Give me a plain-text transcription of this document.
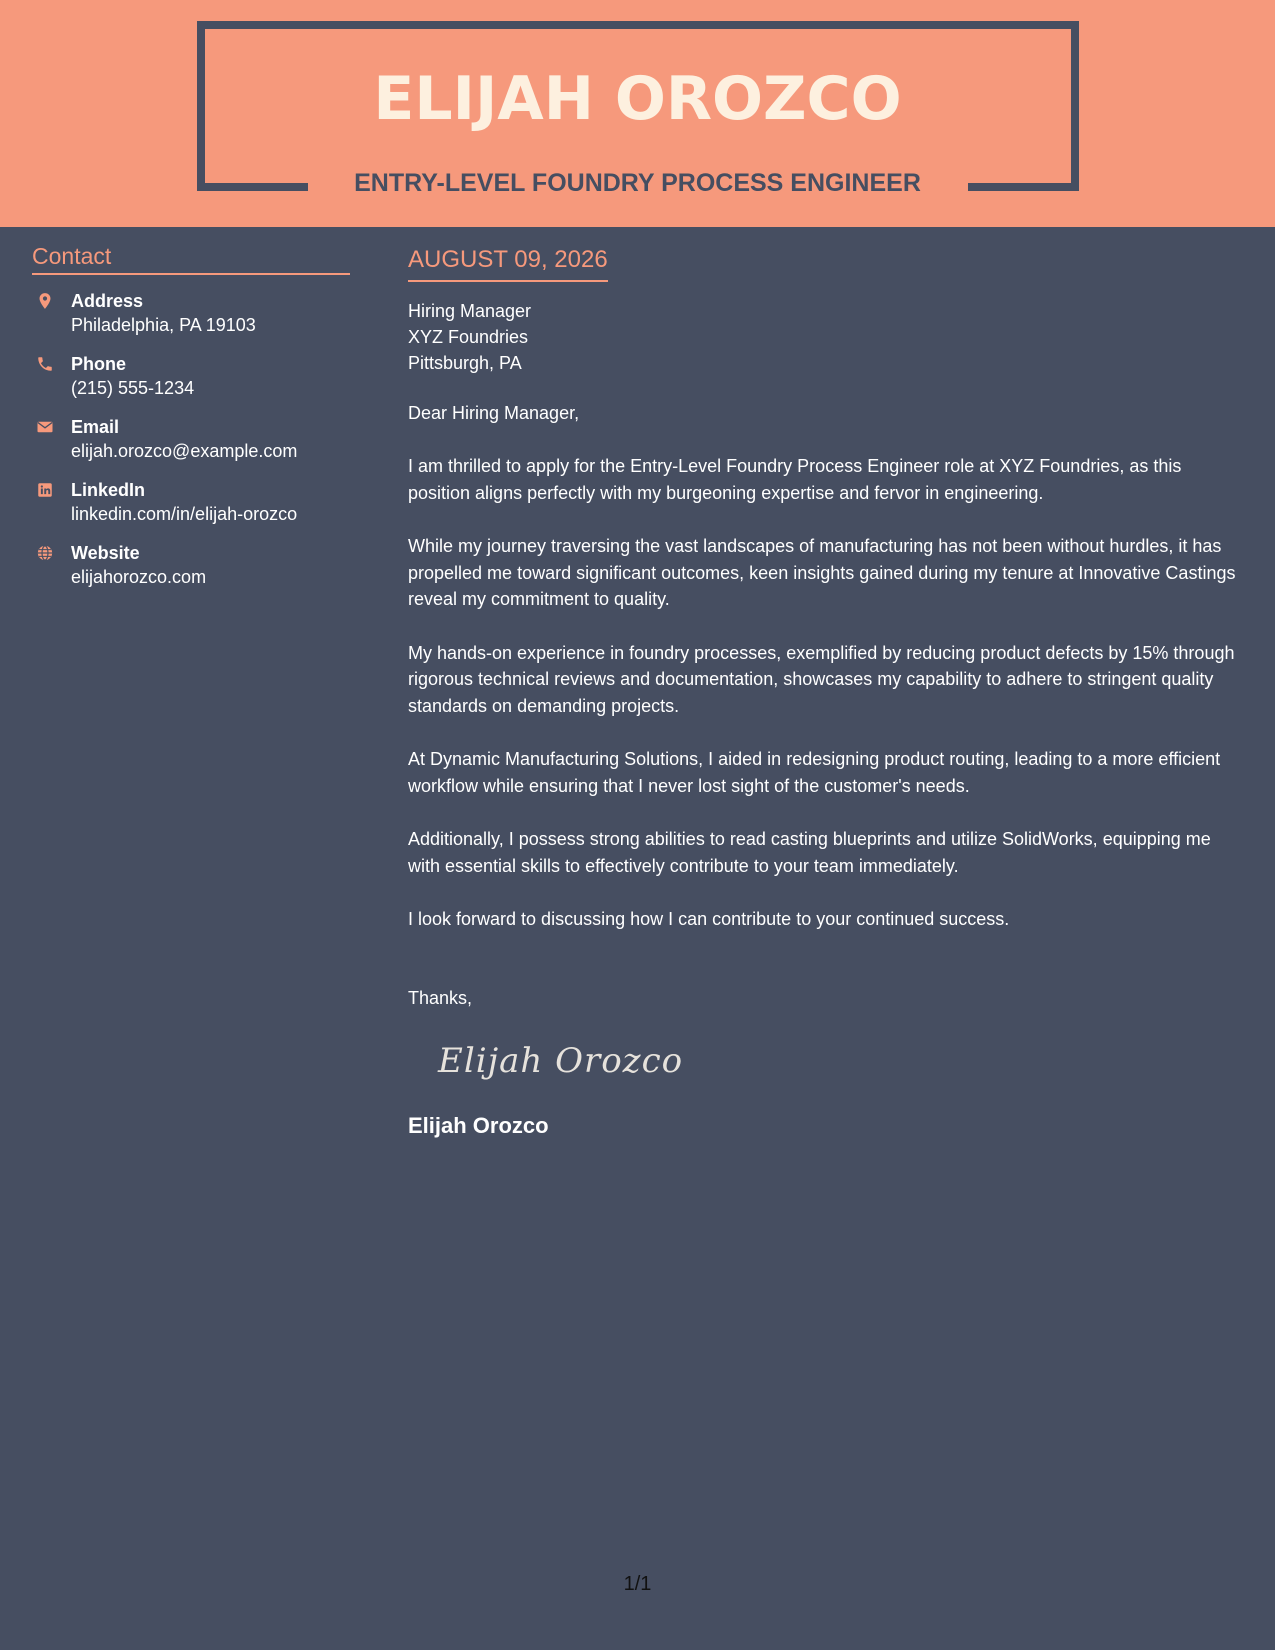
ELIJAH OROZCO
ENTRY-LEVEL FOUNDRY PROCESS ENGINEER
Contact
Address
Philadelphia, PA 19103
Phone
(215) 555-1234
Email
elijah.orozco@example.com
LinkedIn
linkedin.com/in/elijah-orozco
Website
elijahorozco.com
AUGUST 09, 2026
Hiring Manager
XYZ Foundries
Pittsburgh, PA
Dear Hiring Manager,
I am thrilled to apply for the Entry-Level Foundry Process Engineer role at XYZ Foundries, as this position aligns perfectly with my burgeoning expertise and fervor in engineering.
While my journey traversing the vast landscapes of manufacturing has not been without hurdles, it has propelled me toward significant outcomes, keen insights gained during my tenure at Innovative Castings reveal my commitment to quality.
My hands-on experience in foundry processes, exemplified by reducing product defects by 15% through rigorous technical reviews and documentation, showcases my capability to adhere to stringent quality standards on demanding projects.
At Dynamic Manufacturing Solutions, I aided in redesigning product routing, leading to a more efficient workflow while ensuring that I never lost sight of the customer's needs.
Additionally, I possess strong abilities to read casting blueprints and utilize SolidWorks, equipping me with essential skills to effectively contribute to your team immediately.
I look forward to discussing how I can contribute to your continued success.
Thanks,
Elijah Orozco
Elijah Orozco
1/1
